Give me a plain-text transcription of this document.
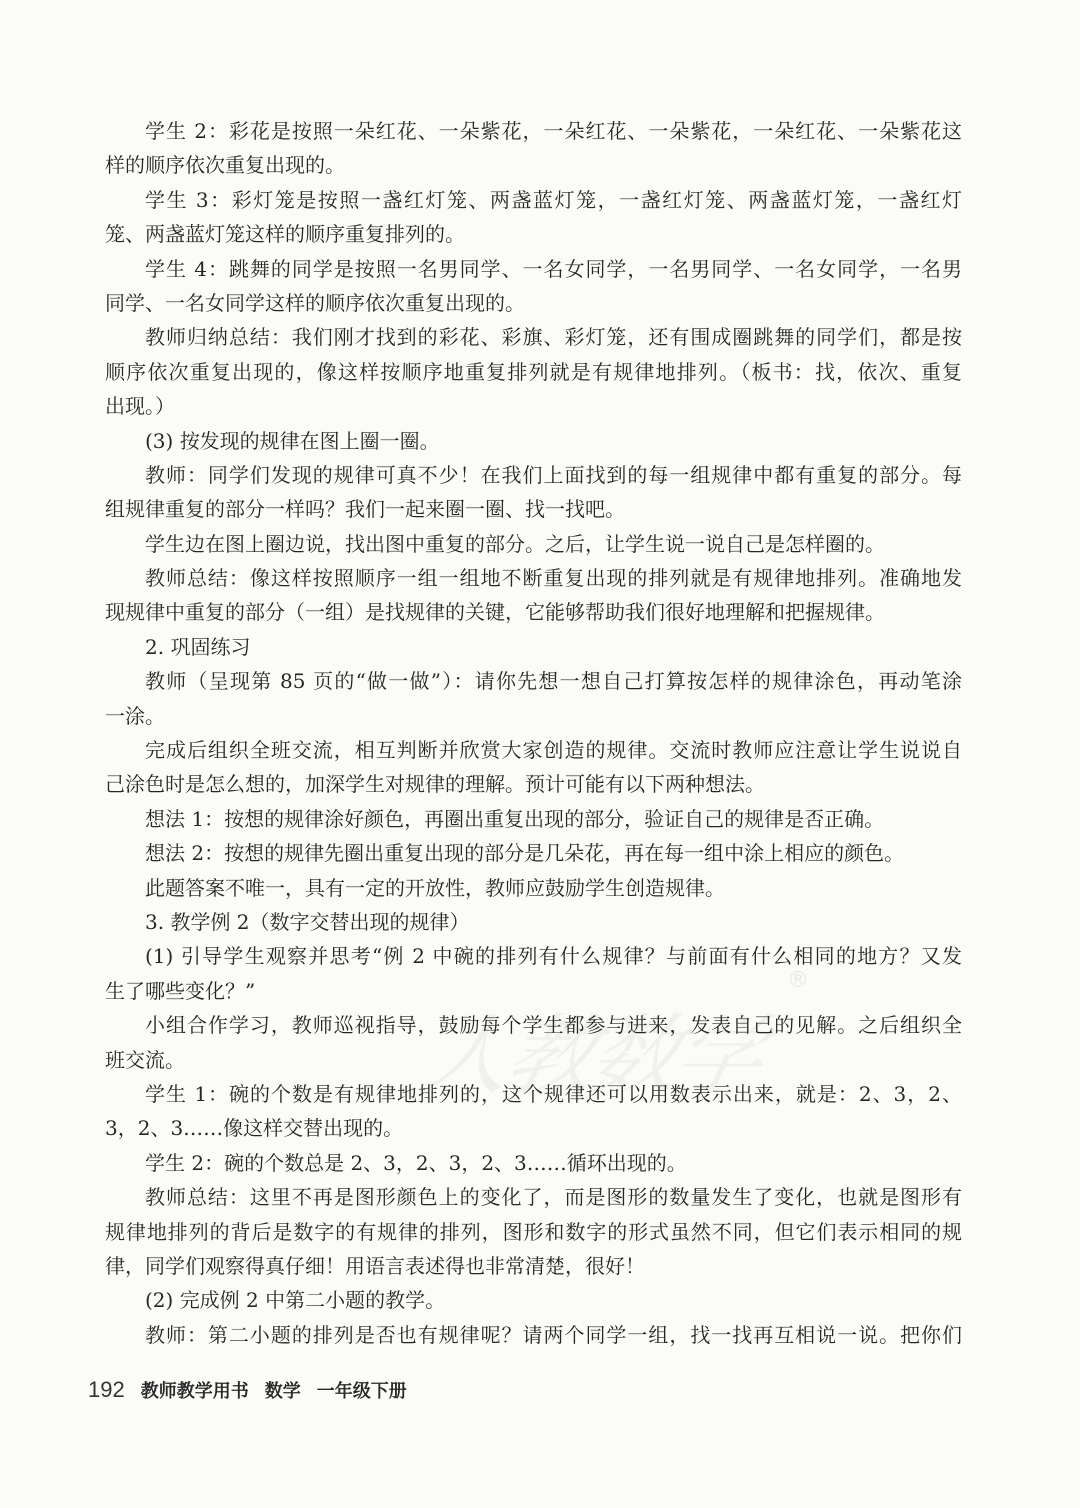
®
学生 2：彩花是按照一朵红花、一朵紫花，一朵红花、一朵紫花，一朵红花、一朵紫花这
样的顺序依次重复出现的。
学生 3：彩灯笼是按照一盏红灯笼、两盏蓝灯笼，一盏红灯笼、两盏蓝灯笼，一盏红灯
笼、两盏蓝灯笼这样的顺序重复排列的。
学生 4：跳舞的同学是按照一名男同学、一名女同学，一名男同学、一名女同学，一名男
同学、一名女同学这样的顺序依次重复出现的。
教师归纳总结：我们刚才找到的彩花、彩旗、彩灯笼，还有围成圈跳舞的同学们，都是按
顺序依次重复出现的，像这样按顺序地重复排列就是有规律地排列。（板书：找，依次、重复
出现。）
(3) 按发现的规律在图上圈一圈。
教师：同学们发现的规律可真不少！在我们上面找到的每一组规律中都有重复的部分。每
组规律重复的部分一样吗？我们一起来圈一圈、找一找吧。
学生边在图上圈边说，找出图中重复的部分。之后，让学生说一说自己是怎样圈的。
教师总结：像这样按照顺序一组一组地不断重复出现的排列就是有规律地排列。准确地发
现规律中重复的部分（一组）是找规律的关键，它能够帮助我们很好地理解和把握规律。
2. 巩固练习
教师（呈现第 85 页的“做一做”）：请你先想一想自己打算按怎样的规律涂色，再动笔涂
一涂。
完成后组织全班交流，相互判断并欣赏大家创造的规律。交流时教师应注意让学生说说自
己涂色时是怎么想的，加深学生对规律的理解。预计可能有以下两种想法。
想法 1：按想的规律涂好颜色，再圈出重复出现的部分，验证自己的规律是否正确。
想法 2：按想的规律先圈出重复出现的部分是几朵花，再在每一组中涂上相应的颜色。
此题答案不唯一，具有一定的开放性，教师应鼓励学生创造规律。
3. 教学例 2（数字交替出现的规律）
(1) 引导学生观察并思考“例 2 中碗的排列有什么规律？与前面有什么相同的地方？又发
生了哪些变化？”
小组合作学习，教师巡视指导，鼓励每个学生都参与进来，发表自己的见解。之后组织全
班交流。
学生 1：碗的个数是有规律地排列的，这个规律还可以用数表示出来，就是：2、3，2、
3，2、3……像这样交替出现的。
学生 2：碗的个数总是 2、3，2、3，2、3……循环出现的。
教师总结：这里不再是图形颜色上的变化了，而是图形的数量发生了变化，也就是图形有
规律地排列的背后是数字的有规律的排列，图形和数字的形式虽然不同，但它们表示相同的规
律，同学们观察得真仔细！用语言表述得也非常清楚，很好！
(2) 完成例 2 中第二小题的教学。
教师：第二小题的排列是否也有规律呢？请两个同学一组，找一找再互相说一说。把你们
192 教师教学用书 数学 一年级下册
